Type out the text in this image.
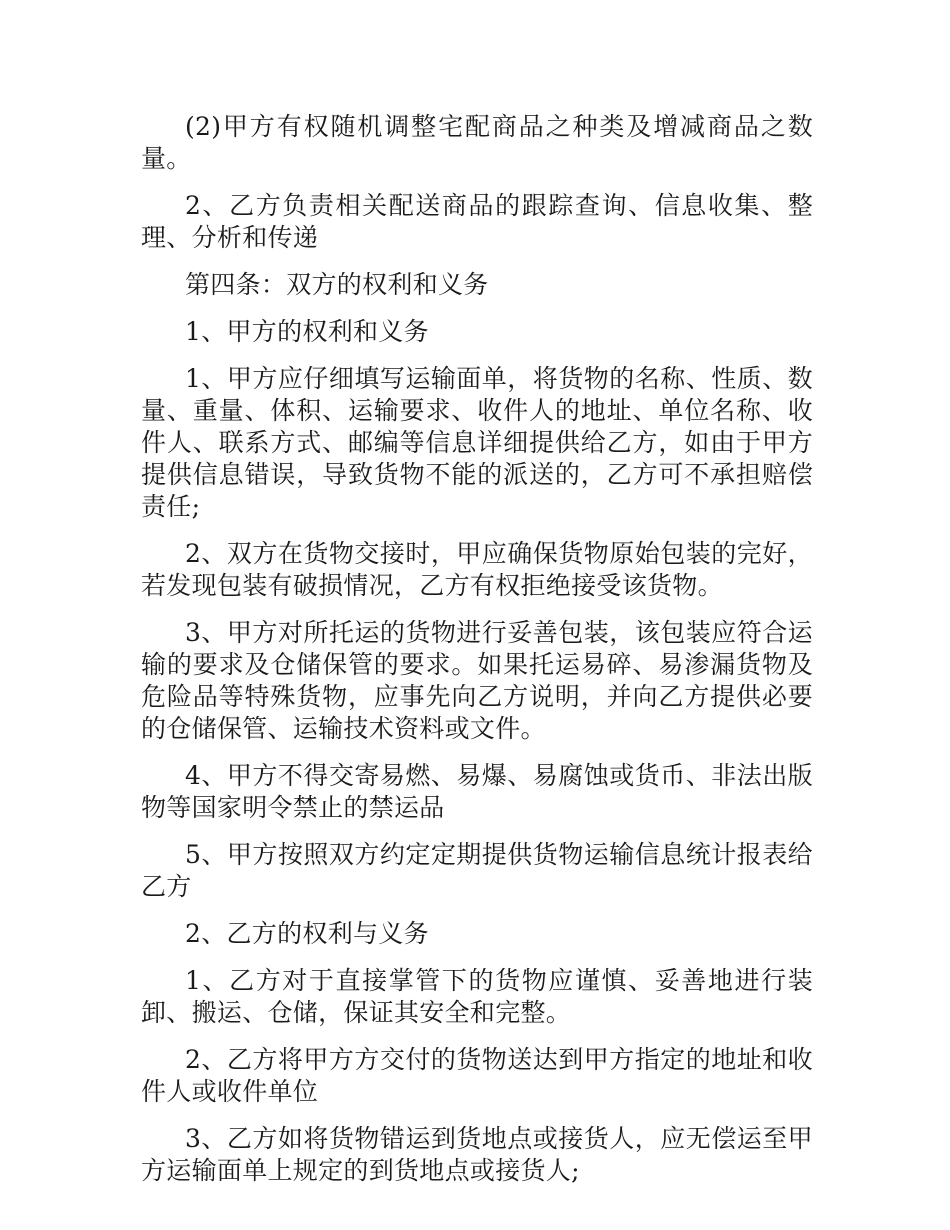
(2)甲方有权随机调整宅配商品之种类及增减商品之数量。

2、乙方负责相关配送商品的跟踪查询、信息收集、整理、分析和传递

第四条：双方的权利和义务

1、甲方的权利和义务

1、甲方应仔细填写运输面单，将货物的名称、性质、数量、重量、体积、运输要求、收件人的地址、单位名称、收件人、联系方式、邮编等信息详细提供给乙方，如由于甲方提供信息错误，导致货物不能的派送的，乙方可不承担赔偿责任;

2、双方在货物交接时，甲应确保货物原始包装的完好，若发现包装有破损情况，乙方有权拒绝接受该货物。

3、甲方对所托运的货物进行妥善包装，该包装应符合运输的要求及仓储保管的要求。如果托运易碎、易渗漏货物及危险品等特殊货物，应事先向乙方说明，并向乙方提供必要的仓储保管、运输技术资料或文件。

4、甲方不得交寄易燃、易爆、易腐蚀或货币、非法出版物等国家明令禁止的禁运品

5、甲方按照双方约定定期提供货物运输信息统计报表给乙方

2、乙方的权利与义务

1、乙方对于直接掌管下的货物应谨慎、妥善地进行装卸、搬运、仓储，保证其安全和完整。

2、乙方将甲方方交付的货物送达到甲方指定的地址和收件人或收件单位

3、乙方如将货物错运到货地点或接货人，应无偿运至甲方运输面单上规定的到货地点或接货人;
